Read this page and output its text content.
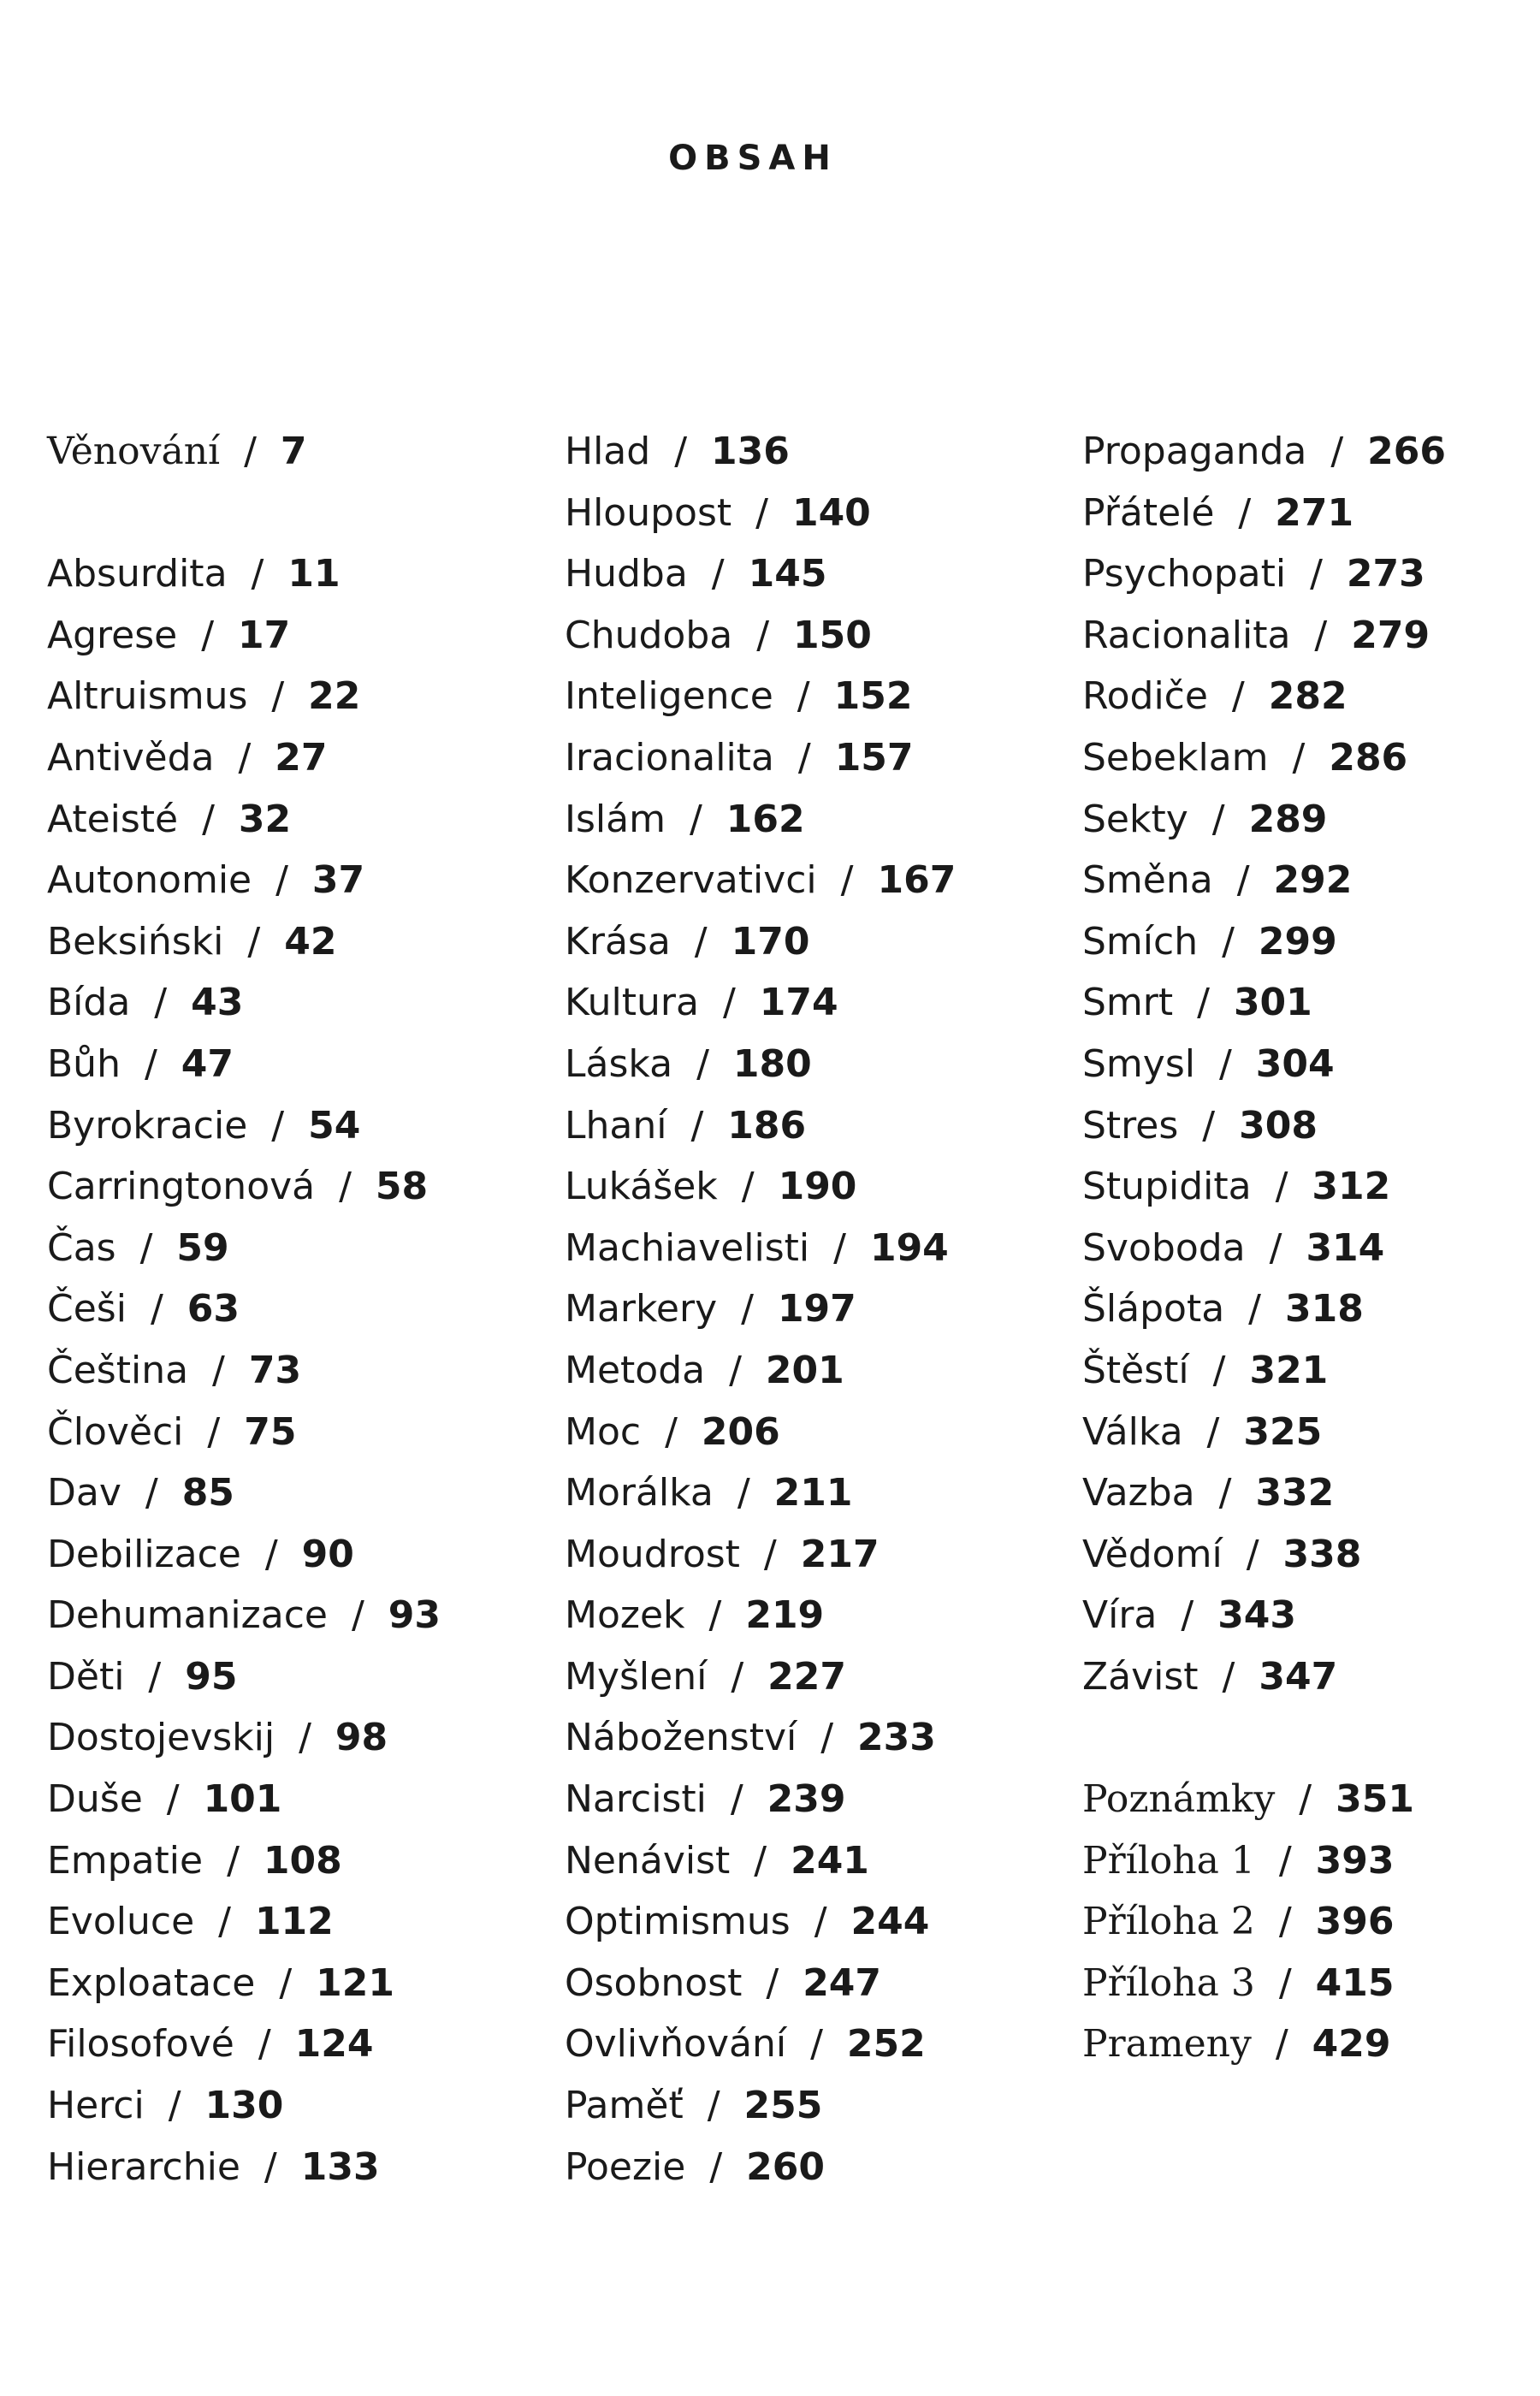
OBSAH
Věnování / 7
Absurdita / 11
Agrese / 17
Altruismus / 22
Antivěda / 27
Ateisté / 32
Autonomie / 37
Beksiński / 42
Bída / 43
Bůh / 47
Byrokracie / 54
Carringtonová / 58
Čas / 59
Češi / 63
Čeština / 73
Člověci / 75
Dav / 85
Debilizace / 90
Dehumanizace / 93
Děti / 95
Dostojevskij / 98
Duše / 101
Empatie / 108
Evoluce / 112
Exploatace / 121
Filosofové / 124
Herci / 130
Hierarchie / 133
Hlad / 136
Hloupost / 140
Hudba / 145
Chudoba / 150
Inteligence / 152
Iracionalita / 157
Islám / 162
Konzervativci / 167
Krása / 170
Kultura / 174
Láska / 180
Lhaní / 186
Lukášek / 190
Machiavelisti / 194
Markery / 197
Metoda / 201
Moc / 206
Morálka / 211
Moudrost / 217
Mozek / 219
Myšlení / 227
Náboženství / 233
Narcisti / 239
Nenávist / 241
Optimismus / 244
Osobnost / 247
Ovlivňování / 252
Paměť / 255
Poezie / 260
Propaganda / 266
Přátelé / 271
Psychopati / 273
Racionalita / 279
Rodiče / 282
Sebeklam / 286
Sekty / 289
Směna / 292
Smích / 299
Smrt / 301
Smysl / 304
Stres / 308
Stupidita / 312
Svoboda / 314
Šlápota / 318
Štěstí / 321
Válka / 325
Vazba / 332
Vědomí / 338
Víra / 343
Závist / 347
Poznámky / 351
Příloha 1 / 393
Příloha 2 / 396
Příloha 3 / 415
Prameny / 429
